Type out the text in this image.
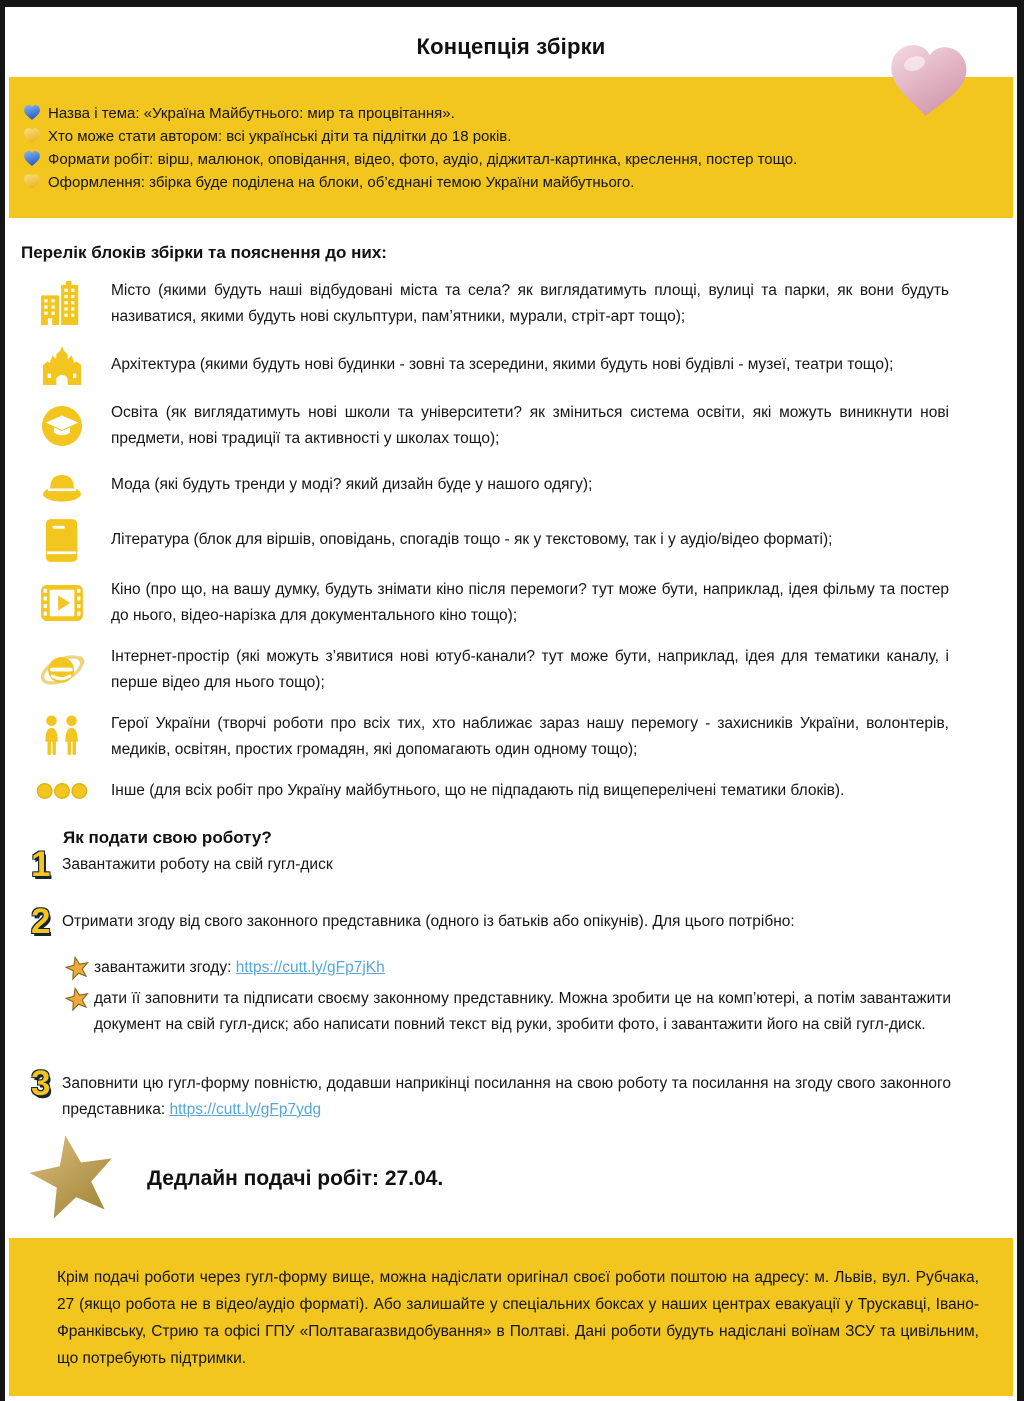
Концепція збірки
Назва і тема: «Україна Майбутнього: мир та процвітання».
Хто може стати автором: всі українські діти та підлітки до 18 років.
Формати робіт: вірш, малюнок, оповідання, відео, фото, аудіо, діджитал-картинка, креслення, постер тощо.
Оформлення: збірка буде поділена на блоки, об’єднані темою України майбутнього.
Перелік блоків збірки та пояснення до них:

Місто (якими будуть наші відбудовані міста та села? як виглядатимуть площі, вулиці та парки, як вони будуть називатися, якими будуть нові скульптури, пам’ятники, мурали, стріт-арт тощо);

Архітектура (якими будуть нові будинки - зовні та зсередини, якими будуть нові будівлі - музеї, театри тощо);

Освіта (як виглядатимуть нові школи та університети? як зміниться система освіти, які можуть виникнути нові предмети, нові традиції та активності у школах тощо);

Мода (які будуть тренди у моді? який дизайн буде у нашого одягу);

Література (блок для віршів, оповідань, спогадів тощо - як у текстовому, так і у аудіо/відео форматі);

Кіно (про що, на вашу думку, будуть знімати кіно після перемоги? тут може бути, наприклад, ідея фільму та постер до нього, відео-нарізка для документального кіно тощо);

Інтернет-простір (які можуть з’явитися нові ютуб-канали? тут може бути, наприклад, ідея для тематики каналу, і перше відео для нього тощо);

Герої України (творчі роботи про всіх тих, хто наближає зараз нашу перемогу - захисників України, волонтерів, медиків, освітян, простих громадян, які допомагають один одному тощо);

Інше (для всіх робіт про Україну майбутнього, що не підпадають під вищеперелічені тематики блоків).

Як подати свою роботу?
1 Завантажити роботу на свій гугл-диск

2 Отримати згоду від свого законного представника (одного із батьків або опікунів). Для цього потрібно:

завантажити згоду: https://cutt.ly/gFp7jKh

дати її заповнити та підписати своєму законному представнику. Можна зробити це на комп’ютері, а потім завантажити документ на свій гугл-диск; або написати повний текст від руки, зробити фото, і завантажити його на свій гугл-диск.

3 Заповнити цю гугл-форму повністю, додавши наприкінці посилання на свою роботу та посилання на згоду свого законного представника: https://cutt.ly/gFp7ydg

Дедлайн подачі робіт: 27.04.

Крім подачі роботи через гугл-форму вище, можна надіслати оригінал своєї роботи поштою на адресу: м. Львів, вул. Рубчака, 27 (якщо робота не в відео/аудіо форматі). Або залишайте у спеціальних боксах у наших центрах евакуації у Трускавці, Івано-Франківську, Стрию та офісі ГПУ «Полтавагазвидобування» в Полтаві. Дані роботи будуть надіслані воїнам ЗСУ та цивільним, що потребують підтримки.
